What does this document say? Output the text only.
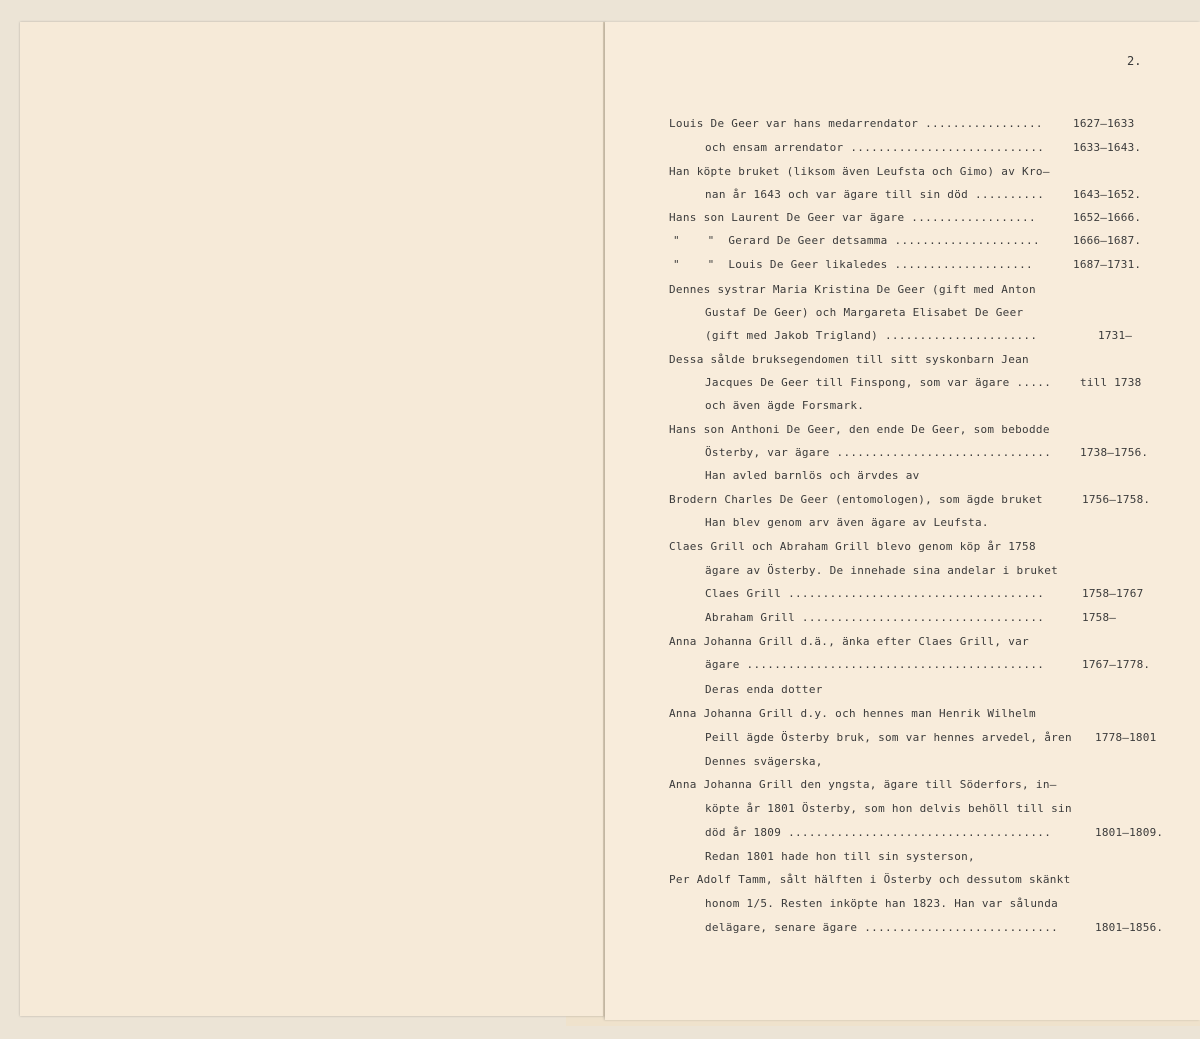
2.
Louis De Geer var hans medarrendator .................	1627–1633
och ensam arrendator ............................	1633–1643.
Han köpte bruket (liksom även Leufsta och Gimo) av Kro–
nan år 1643 och var ägare till sin död ..........	1643–1652.
Hans son Laurent De Geer var ägare ..................	1652–1666.
"    "  Gerard De Geer detsamma .....................	1666–1687.
"    "  Louis De Geer likaledes ....................	1687–1731.
Dennes systrar Maria Kristina De Geer (gift med Anton
Gustaf De Geer) och Margareta Elisabet De Geer
(gift med Jakob Trigland) ......................	1731–
Dessa sålde bruksegendomen till sitt syskonbarn Jean
Jacques De Geer till Finspong, som var ägare .....	till 1738
och även ägde Forsmark.
Hans son Anthoni De Geer, den ende De Geer, som bebodde
Österby, var ägare ...............................	1738–1756.
Han avled barnlös och ärvdes av
Brodern Charles De Geer (entomologen), som ägde bruket	1756–1758.
Han blev genom arv även ägare av Leufsta.
Claes Grill och Abraham Grill blevo genom köp år 1758
ägare av Österby. De innehade sina andelar i bruket
Claes Grill .....................................	1758–1767
Abraham Grill ...................................	1758–
Anna Johanna Grill d.ä., änka efter Claes Grill, var
ägare ...........................................	1767–1778.
Deras enda dotter
Anna Johanna Grill d.y. och hennes man Henrik Wilhelm
Peill ägde Österby bruk, som var hennes arvedel, åren 1778–1801
Dennes svägerska,
Anna Johanna Grill den yngsta, ägare till Söderfors, in–
köpte år 1801 Österby, som hon delvis behöll till sin
död år 1809 ......................................	1801–1809.
Redan 1801 hade hon till sin systerson,
Per Adolf Tamm, sålt hälften i Österby och dessutom skänkt
honom 1/5. Resten inköpte han 1823. Han var sålunda
delägare, senare ägare ............................	1801–1856.
